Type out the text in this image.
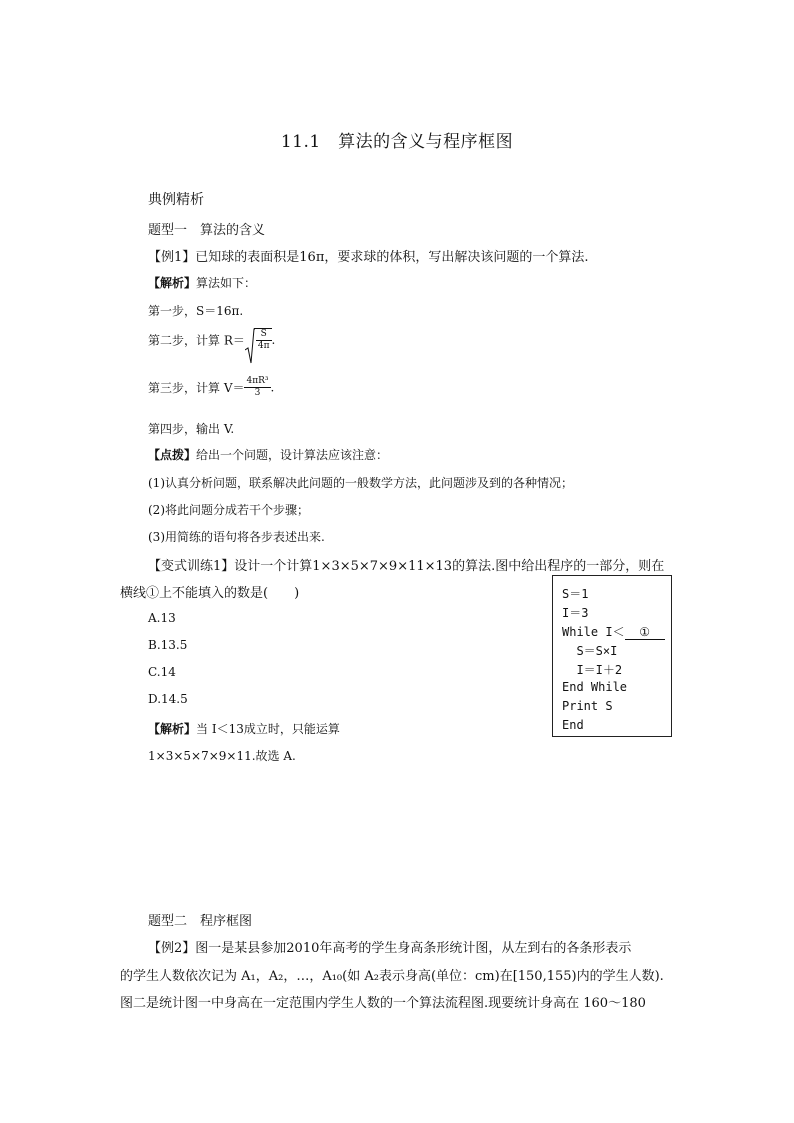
11.1　算法的含义与程序框图
典例精析
题型一　算法的含义
【例1】已知球的表面积是16π，要求球的体积，写出解决该问题的一个算法.
【解析】算法如下：
第一步，S＝16π.
第二步，计算 $R= \frac{S}{4\pi}$ .
第三步，计算 $V= \frac{\text{4πR³}}{3}$ .
第四步，输出 V.
【点拨】给出一个问题，设计算法应该注意：
(1)认真分析问题，联系解决此问题的一般数学方法，此问题涉及到的各种情况；
(2)将此问题分成若干个步骤；
(3)用简练的语句将各步表述出来.
【变式训练1】设计一个计算1×3×5×7×9×11×13的算法.图中给出程序的一部分，则在
横线①上不能填入的数是(　　)
A.13
B.13.5
C.14
D.14.5
【解析】当 I＜13成立时，只能运算
1×3×5×7×9×11.故选 A.
S＝1
I＝3
While I＜ ①
S＝S×I
I＝I＋2
End While
Print S
End
题型二　程序框图
【例2】图一是某县参加2010年高考的学生身高条形统计图，从左到右的各条形表示
的学生人数依次记为 A₁，A₂，…，A₁₀(如 A₂表示身高(单位：cm)在[150,155)内的学生人数).
图二是统计图一中身高在一定范围内学生人数的一个算法流程图.现要统计身高在 160～180
